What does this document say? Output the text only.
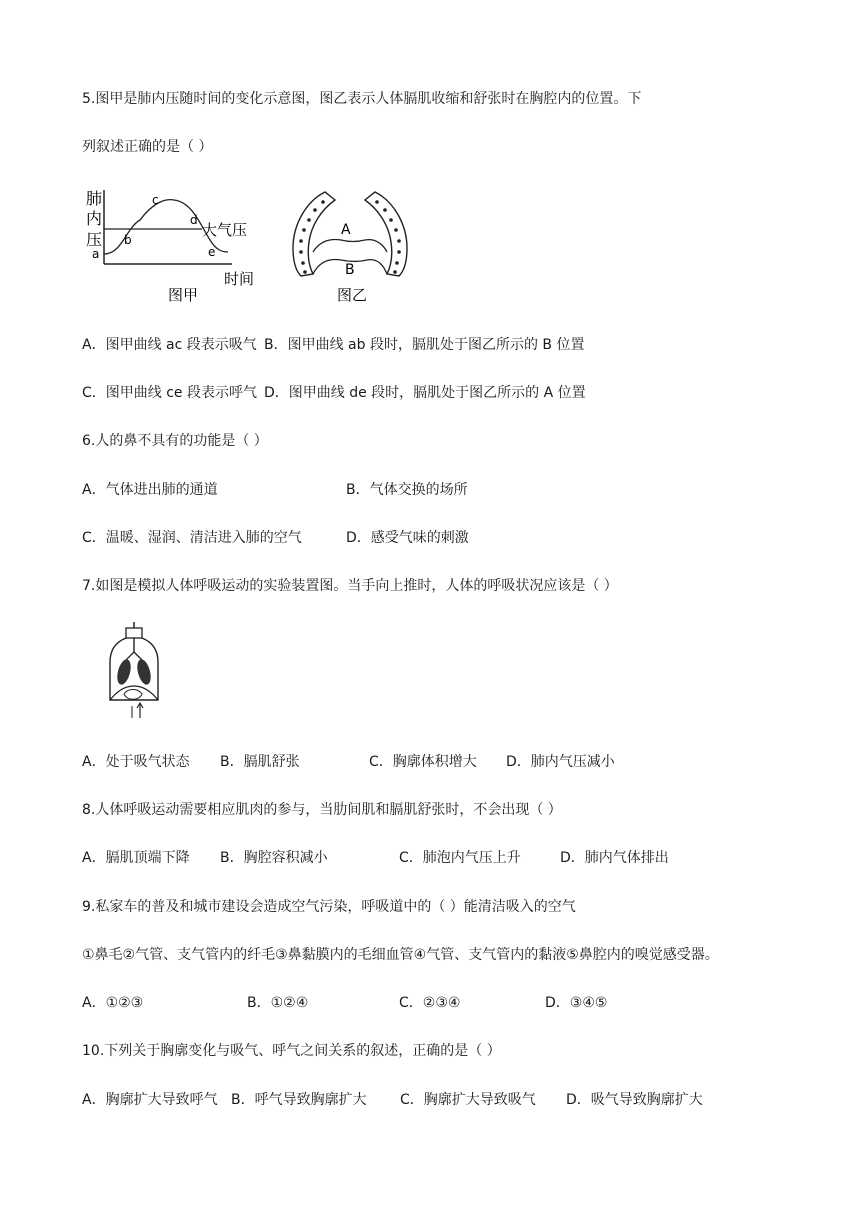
5.图甲是肺内压随时间的变化示意图，图乙表示人体膈肌收缩和舒张时在胸腔内的位置。下
列叙述正确的是（ ）
肺
内
压
a
b
c
d
e
大气压
时间
图甲
A
B
图乙
A．图甲曲线 ac 段表示吸气 B．图甲曲线 ab 段时，膈肌处于图乙所示的 B 位置
C．图甲曲线 ce 段表示呼气 D．图甲曲线 de 段时，膈肌处于图乙所示的 A 位置
6.人的鼻不具有的功能是（ ）
A．气体进出肺的通道	B．气体交换的场所
C．温暖、湿润、清洁进入肺的空气	D．感受气味的刺激
7.如图是模拟人体呼吸运动的实验装置图。当手向上推时，人体的呼吸状况应该是（ ）
A．处于吸气状态 B．膈肌舒张	C．胸廓体积增大 D．肺内气压减小
8.人体呼吸运动需要相应肌肉的参与，当肋间肌和膈肌舒张时，不会出现（ ）
A．膈肌顶端下降 B．胸腔容积减小	C．肺泡内气压上升	D．肺内气体排出
9.私家车的普及和城市建设会造成空气污染，呼吸道中的（ ）能清洁吸入的空气
①鼻毛②气管、支气管内的纤毛③鼻黏膜内的毛细血管④气管、支气管内的黏液⑤鼻腔内的嗅觉感受器。
A．①②③	B．①②④	C．②③④	D．③④⑤
10.下列关于胸廓变化与吸气、呼气之间关系的叙述，正确的是（ ）
A．胸廓扩大导致呼气 B．呼气导致胸廓扩大 C．胸廓扩大导致吸气 D．吸气导致胸廓扩大
